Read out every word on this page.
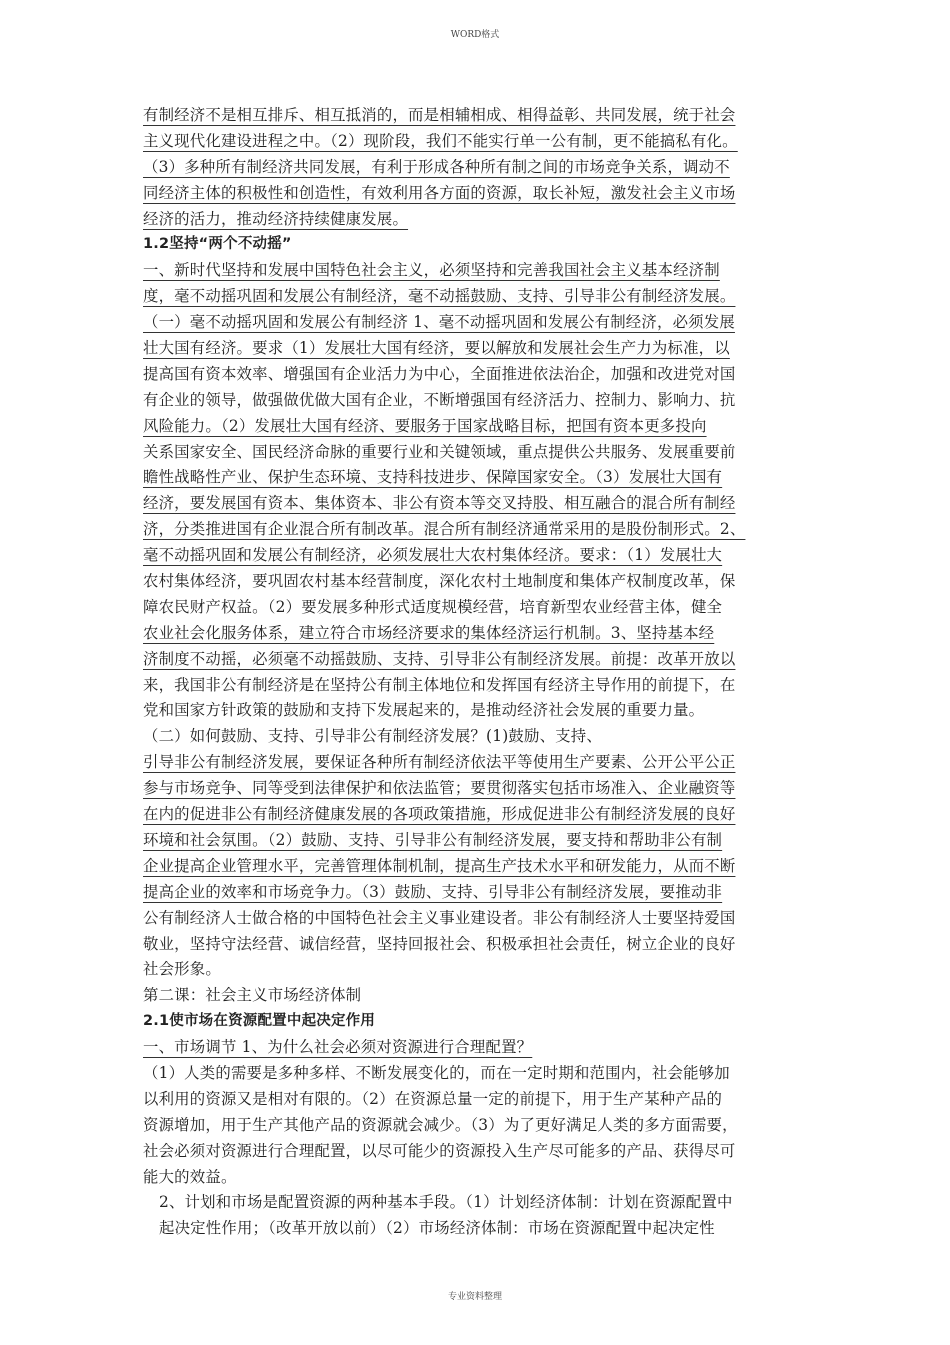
WORD格式
有制经济不是相互排斥、相互抵消的，而是相辅相成、相得益彰、共同发展，统于社会
主义现代化建设进程之中。（2）现阶段，我们不能实行单一公有制，更不能搞私有化。
（3）多种所有制经济共同发展，有利于形成各种所有制之间的市场竞争关系，调动不
同经济主体的积极性和创造性，有效利用各方面的资源，取长补短，激发社会主义市场
经济的活力，推动经济持续健康发展。
1.2坚持“两个不动摇”
一、新时代坚持和发展中国特色社会主义，必须坚持和完善我国社会主义基本经济制
度，毫不动摇巩固和发展公有制经济，毫不动摇鼓励、支持、引导非公有制经济发展。
（一）毫不动摇巩固和发展公有制经济 1、毫不动摇巩固和发展公有制经济，必须发展
壮大国有经济。要求（1）发展壮大国有经济，要以解放和发展社会生产力为标准，以
提高国有资本效率、增强国有企业活力为中心，全面推进依法治企，加强和改进党对国
有企业的领导，做强做优做大国有企业，不断增强国有经济活力、控制力、影响力、抗
风险能力。（2）发展壮大国有经济、要服务于国家战略目标，把国有资本更多投向
关系国家安全、国民经济命脉的重要行业和关键领域，重点提供公共服务、发展重要前
瞻性战略性产业、保护生态环境、支持科技进步、保障国家安全。（3）发展壮大国有
经济，要发展国有资本、集体资本、非公有资本等交叉持股、相互融合的混合所有制经
济，分类推进国有企业混合所有制改革。混合所有制经济通常采用的是股份制形式。2、
毫不动摇巩固和发展公有制经济，必须发展壮大农村集体经济。要求：（1）发展壮大
农村集体经济，要巩固农村基本经营制度，深化农村土地制度和集体产权制度改革，保
障农民财产权益。（2）要发展多种形式适度规模经营，培育新型农业经营主体，健全
农业社会化服务体系，建立符合市场经济要求的集体经济运行机制。3、坚持基本经
济制度不动摇，必须毫不动摇鼓励、支持、引导非公有制经济发展。前提：改革开放以
来，我国非公有制经济是在坚持公有制主体地位和发挥国有经济主导作用的前提下，在
党和国家方针政策的鼓励和支持下发展起来的，是推动经济社会发展的重要力量。
（二）如何鼓励、支持、引导非公有制经济发展？(1)鼓励、支持、
引导非公有制经济发展，要保证各种所有制经济依法平等使用生产要素、公开公平公正
参与市场竞争、同等受到法律保护和依法监管；要贯彻落实包括市场准入、企业融资等
在内的促进非公有制经济健康发展的各项政策措施，形成促进非公有制经济发展的良好
环境和社会氛围。（2）鼓励、支持、引导非公有制经济发展，要支持和帮助非公有制
企业提高企业管理水平，完善管理体制机制，提高生产技术水平和研发能力，从而不断
提高企业的效率和市场竞争力。（3）鼓励、支持、引导非公有制经济发展，要推动非
公有制经济人士做合格的中国特色社会主义事业建设者。非公有制经济人士要坚持爱国
敬业，坚持守法经营、诚信经营，坚持回报社会、积极承担社会责任，树立企业的良好
社会形象。
第二课：社会主义市场经济体制
2.1使市场在资源配置中起决定作用
一、市场调节 1、为什么社会必须对资源进行合理配置？
（1）人类的需要是多种多样、不断发展变化的，而在一定时期和范围内，社会能够加
以利用的资源又是相对有限的。（2）在资源总量一定的前提下，用于生产某种产品的
资源增加，用于生产其他产品的资源就会减少。（3）为了更好满足人类的多方面需要，
社会必须对资源进行合理配置，以尽可能少的资源投入生产尽可能多的产品、获得尽可
能大的效益。
2、计划和市场是配置资源的两种基本手段。（1）计划经济体制：计划在资源配置中
起决定性作用；（改革开放以前）（2）市场经济体制：市场在资源配置中起决定性
专业资料整理
